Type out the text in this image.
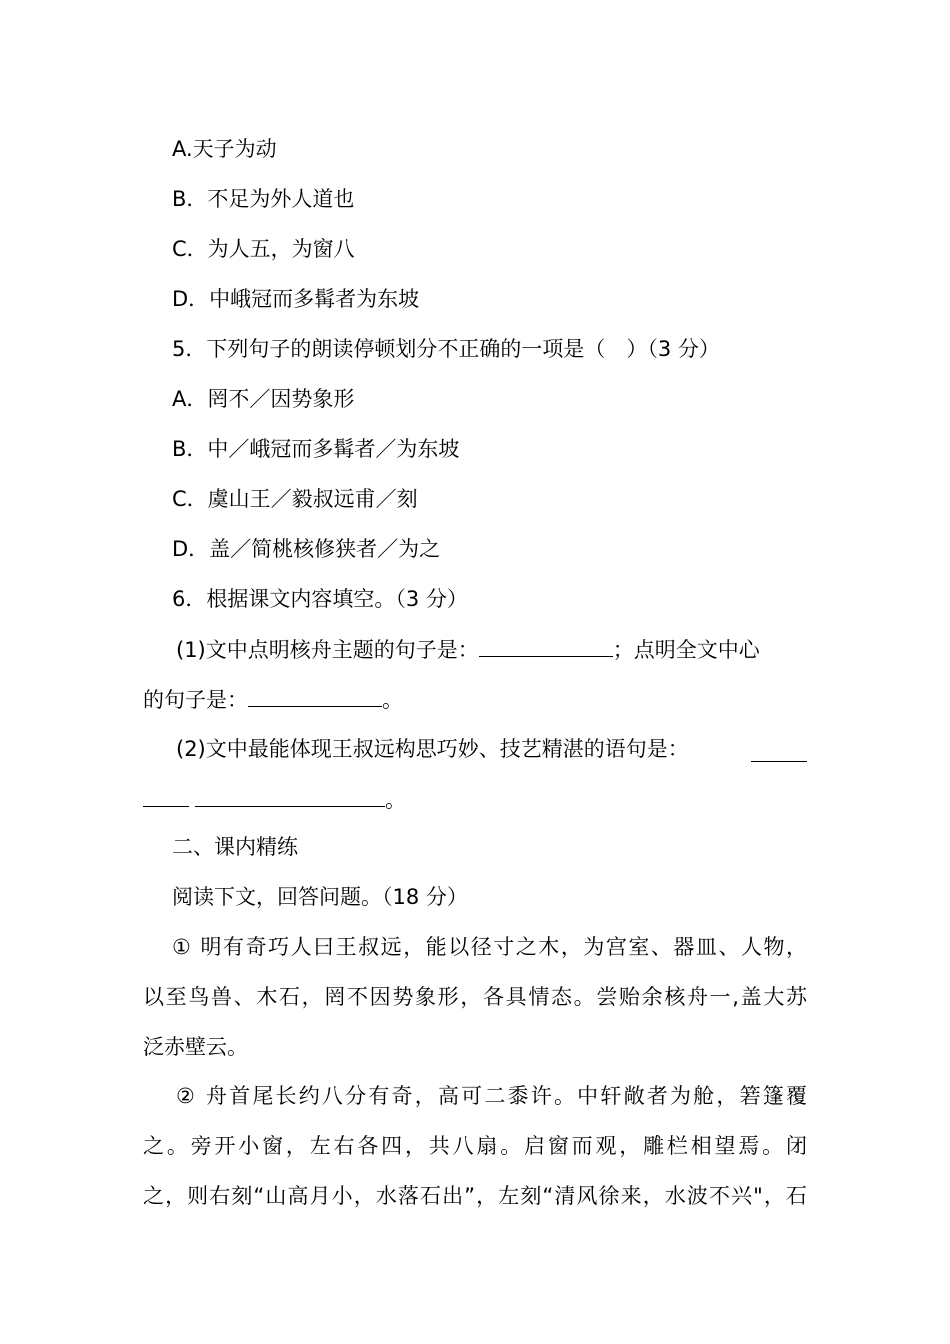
A.天子为动
B．不足为外人道也
C．为人五，为窗八
D．中峨冠而多髯者为东坡
5．下列句子的朗读停顿划分不正确的一项是（　）（3 分）
A．罔不／因势象形
B．中／峨冠而多髯者／为东坡
C．虞山王／毅叔远甫／刻
D．盖／简桃核修狭者／为之
6．根据课文内容填空。（3 分）
(1)文中点明核舟主题的句子是：	；点明全文中心
的句子是：	。
(2)文中最能体现王叔远构思巧妙、技艺精湛的语句是：
。
二、课内精练
阅读下文，回答问题。（18 分）
① 明有奇巧人曰王叔远，能以径寸之木，为宫室、器皿、人物，
以至鸟兽、木石，罔不因势象形，各具情态。尝贻余核舟一,盖大苏
泛赤壁云。
② 舟首尾长约八分有奇，高可二黍许。中轩敞者为舱，箬篷覆
之。旁开小窗，左右各四，共八扇。启窗而观，雕栏相望焉。闭
之，则右刻“山高月小，水落石出”，左刻“清风徐来，水波不兴"，石
